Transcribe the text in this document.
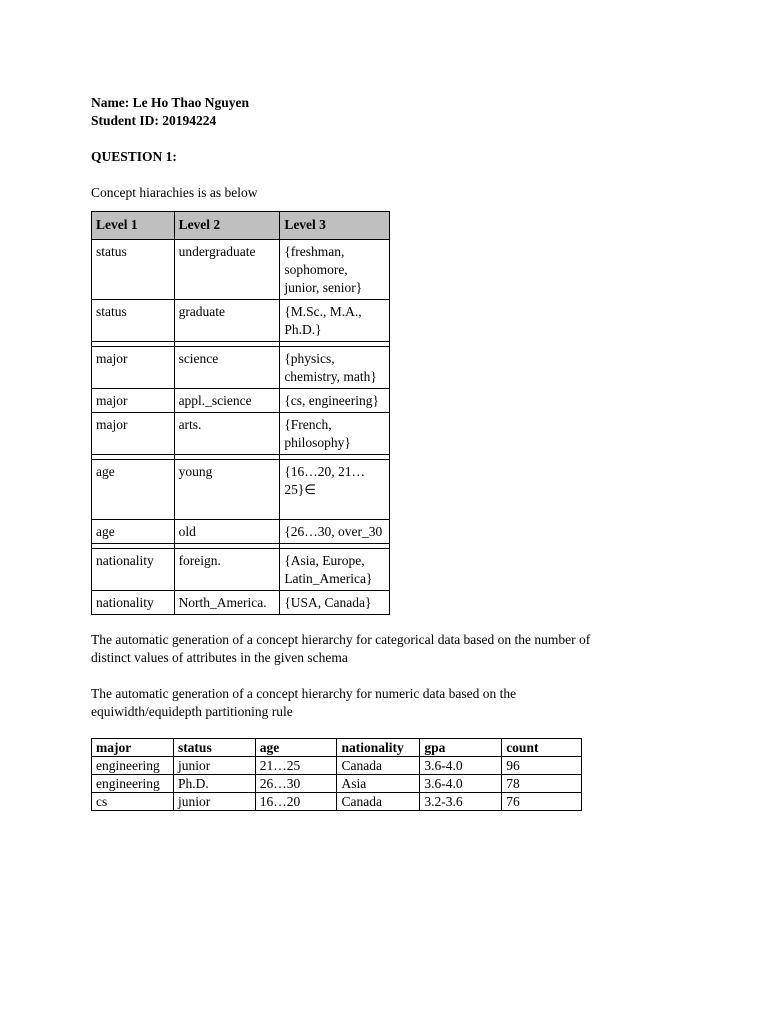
Name: Le Ho Thao Nguyen

Student ID: 20194224

QUESTION 1:

Concept hiarachies is as below

Level 1	Level 2	Level 3
status	undergraduate	{freshman, sophomore, junior, senior}
status	graduate	{M.Sc., M.A., Ph.D.}

major	science	{physics, chemistry, math}
major	appl._science	{cs, engineering}
major	arts.	{French, philosophy}

age	young	{16…20, 21…25}∈
age	old	{26…30, over_30

nationality	foreign.	{Asia, Europe, Latin_America}
nationality	North_America.	{USA, Canada}

The automatic generation of a concept hierarchy for categorical data based on the number of

distinct values of attributes in the given schema

The automatic generation of a concept hierarchy for numeric data based on the

equiwidth/equidepth partitioning rule

major	status	age	nationality	gpa	count
engineering	junior	21…25	Canada	3.6-4.0	96
engineering	Ph.D.	26…30	Asia	3.6-4.0	78
cs	junior	16…20	Canada	3.2-3.6	76
